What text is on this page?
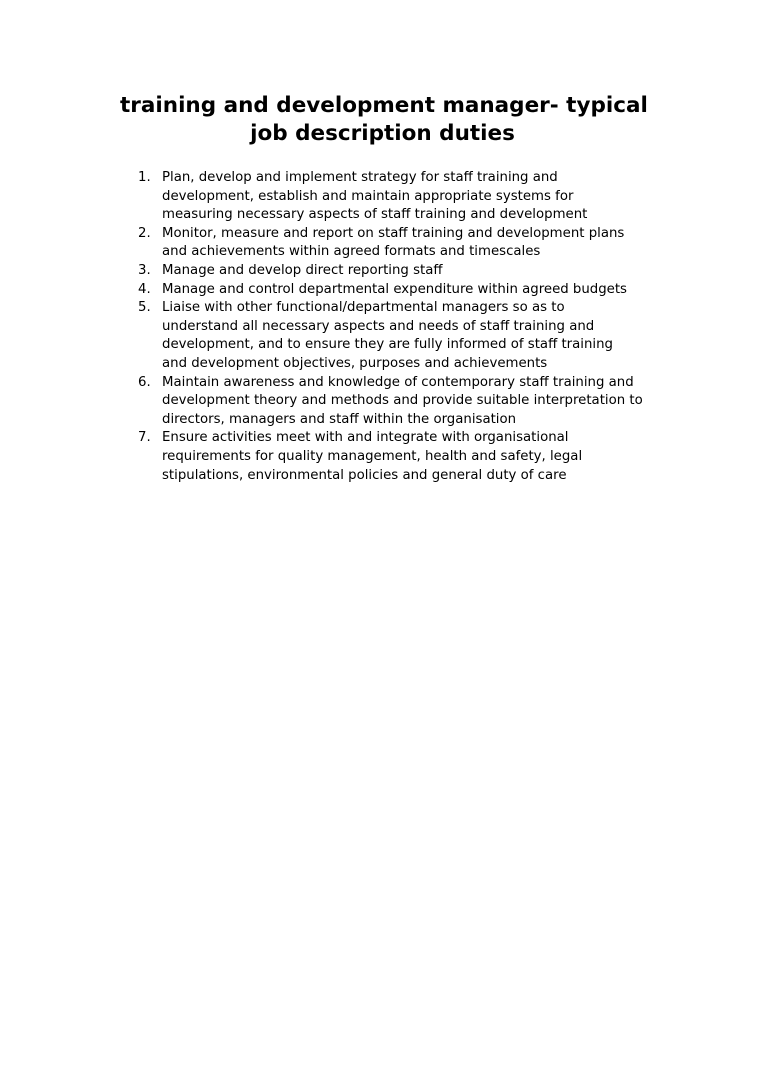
training and development manager- typical
job description duties
1. Plan, develop and implement strategy for staff training and
development, establish and maintain appropriate systems for
measuring necessary aspects of staff training and development
2. Monitor, measure and report on staff training and development plans
and achievements within agreed formats and timescales
3. Manage and develop direct reporting staff
4. Manage and control departmental expenditure within agreed budgets
5. Liaise with other functional/departmental managers so as to
understand all necessary aspects and needs of staff training and
development, and to ensure they are fully informed of staff training
and development objectives, purposes and achievements
6. Maintain awareness and knowledge of contemporary staff training and
development theory and methods and provide suitable interpretation to
directors, managers and staff within the organisation
7. Ensure activities meet with and integrate with organisational
requirements for quality management, health and safety, legal
stipulations, environmental policies and general duty of care
